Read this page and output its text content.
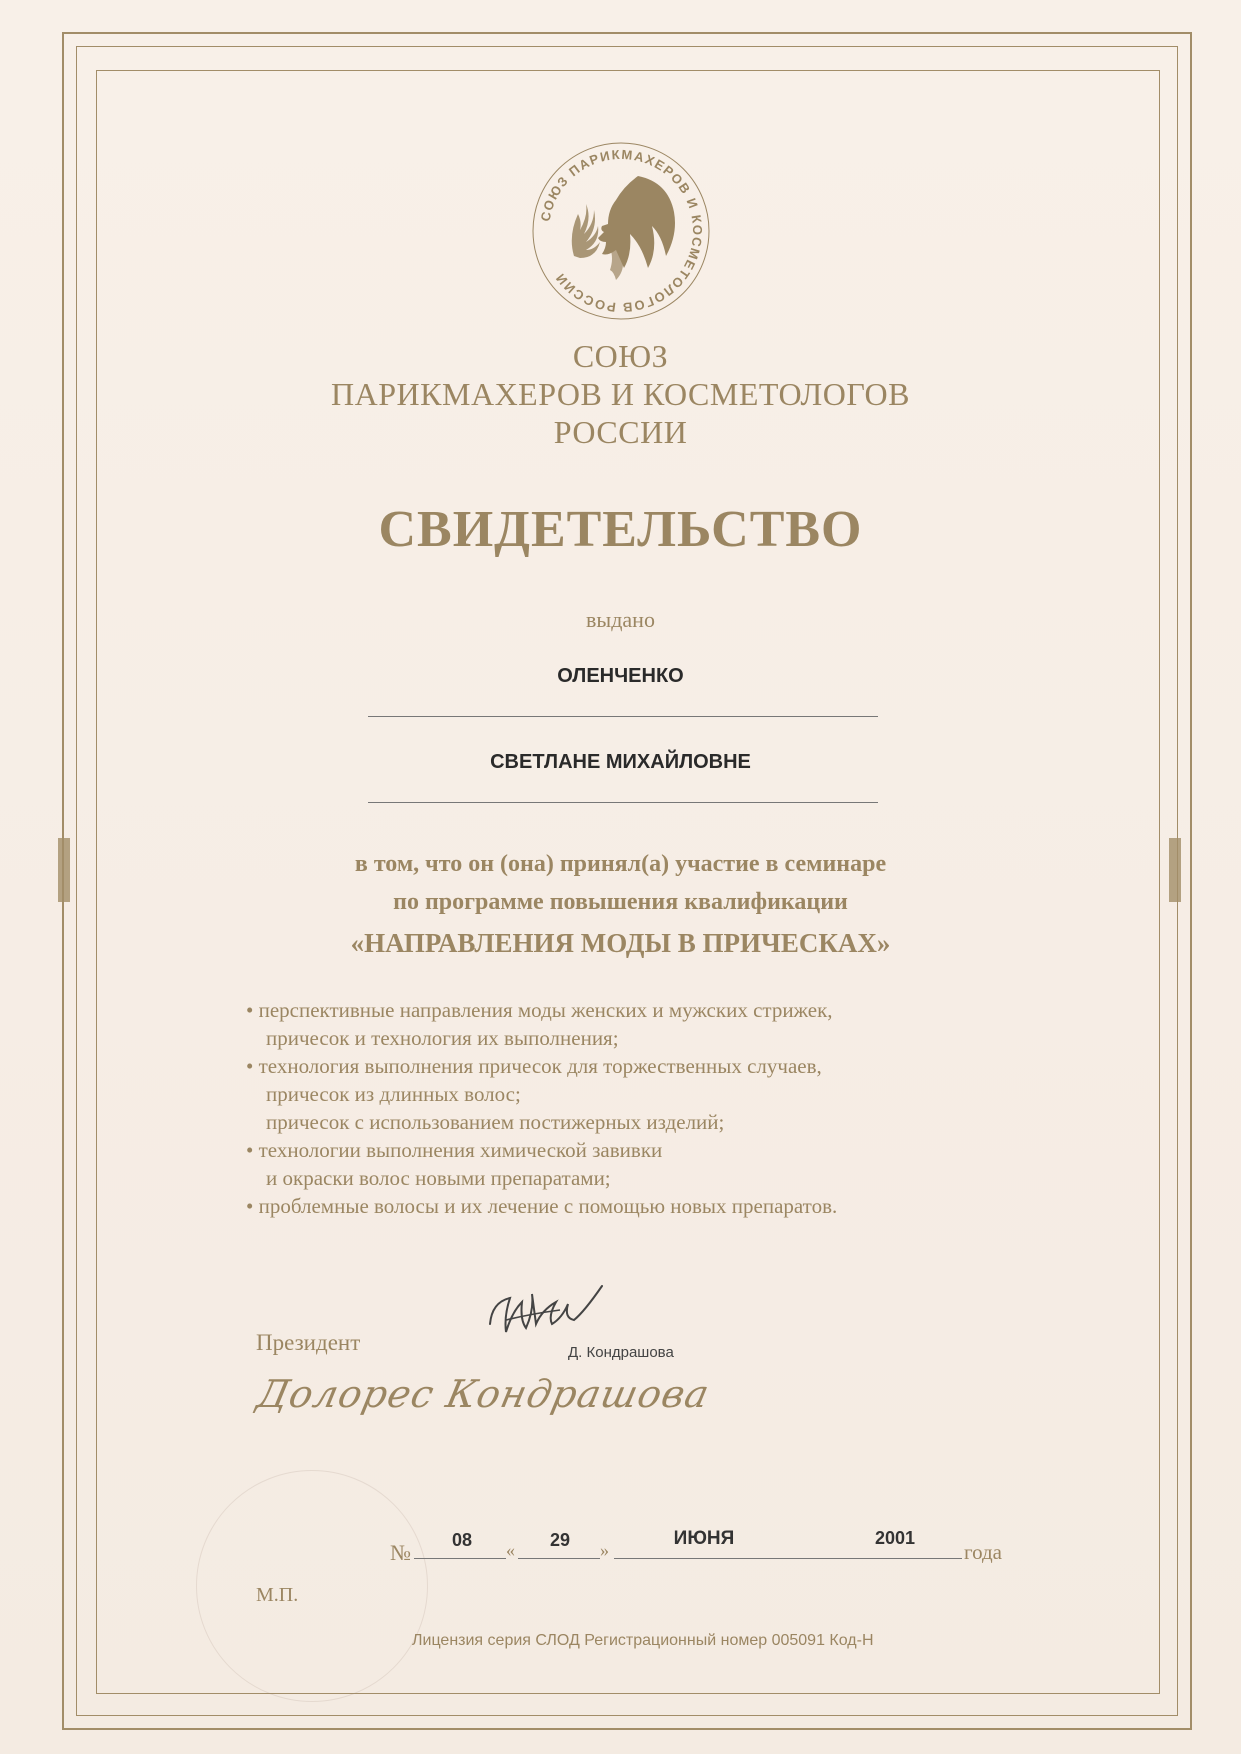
СОЮЗ ПАРИКМАХЕРОВ И КОСМЕТОЛОГОВ РОССИИ
СОЮЗ
ПАРИКМАХЕРОВ И КОСМЕТОЛОГОВ
РОССИИ
СВИДЕТЕЛЬСТВО
выдано
ОЛЕНЧЕНКО
СВЕТЛАНЕ МИХАЙЛОВНЕ
в том, что он (она) принял(а) участие в семинаре
по программе повышения квалификации
«НАПРАВЛЕНИЯ МОДЫ В ПРИЧЕСКАХ»
• перспективные направления моды женских и мужских стрижек,
причесок и технология их выполнения;
• технология выполнения причесок для торжественных случаев,
причесок из длинных волос;
причесок с использованием постижерных изделий;
• технологии выполнения химической завивки
и окраски волос новыми препаратами;
• проблемные волосы и их лечение с помощью новых препаратов.
Президент	Д. Кондрашова
Долорес Кондрашова
№	08	«	29	»
ИЮНЯ	2001
года
М.П.
Лицензия серия СЛОД Регистрационный номер 005091 Код-Н
